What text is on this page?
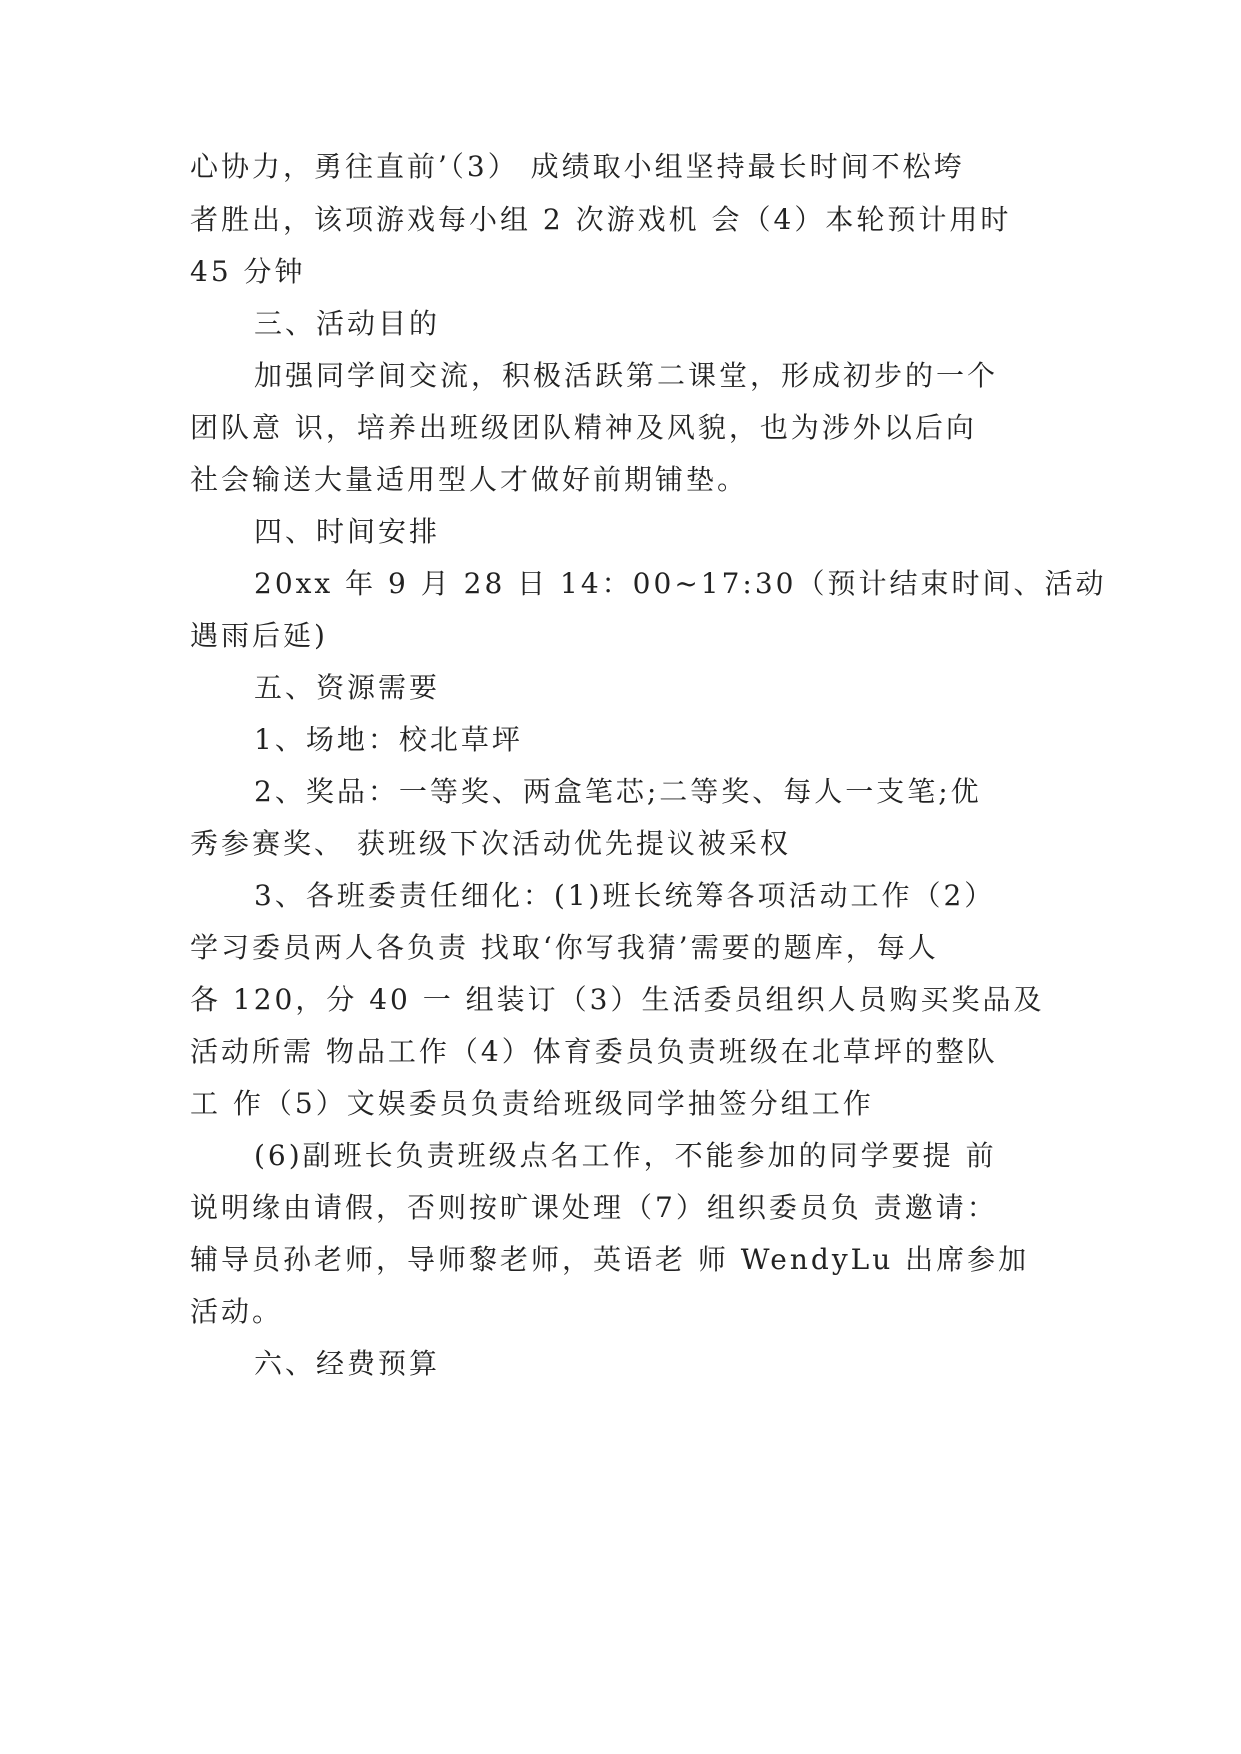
心协力，勇往直前’（3） 成绩取小组坚持最长时间不松垮
者胜出，该项游戏每小组 2 次游戏机 会（4）本轮预计用时
45 分钟
三、活动目的
加强同学间交流，积极活跃第二课堂，形成初步的一个
团队意 识，培养出班级团队精神及风貌，也为涉外以后向
社会输送大量适用型人才做好前期铺垫。
四、时间安排
20xx 年 9 月 28 日 14：00~17:30（预计结束时间、活动
遇雨后延)
五、资源需要
1、场地：校北草坪
2、奖品：一等奖、两盒笔芯;二等奖、每人一支笔;优
秀参赛奖、 获班级下次活动优先提议被采权
3、各班委责任细化：(1)班长统筹各项活动工作（2）
学习委员两人各负责 找取‘你写我猜’需要的题库，每人
各 120，分 40 一 组装订（3）生活委员组织人员购买奖品及
活动所需 物品工作（4）体育委员负责班级在北草坪的整队
工 作（5）文娱委员负责给班级同学抽签分组工作
(6)副班长负责班级点名工作，不能参加的同学要提 前
说明缘由请假，否则按旷课处理（7）组织委员负 责邀请：
辅导员孙老师，导师黎老师，英语老 师 WendyLu 出席参加
活动。
六、经费预算
